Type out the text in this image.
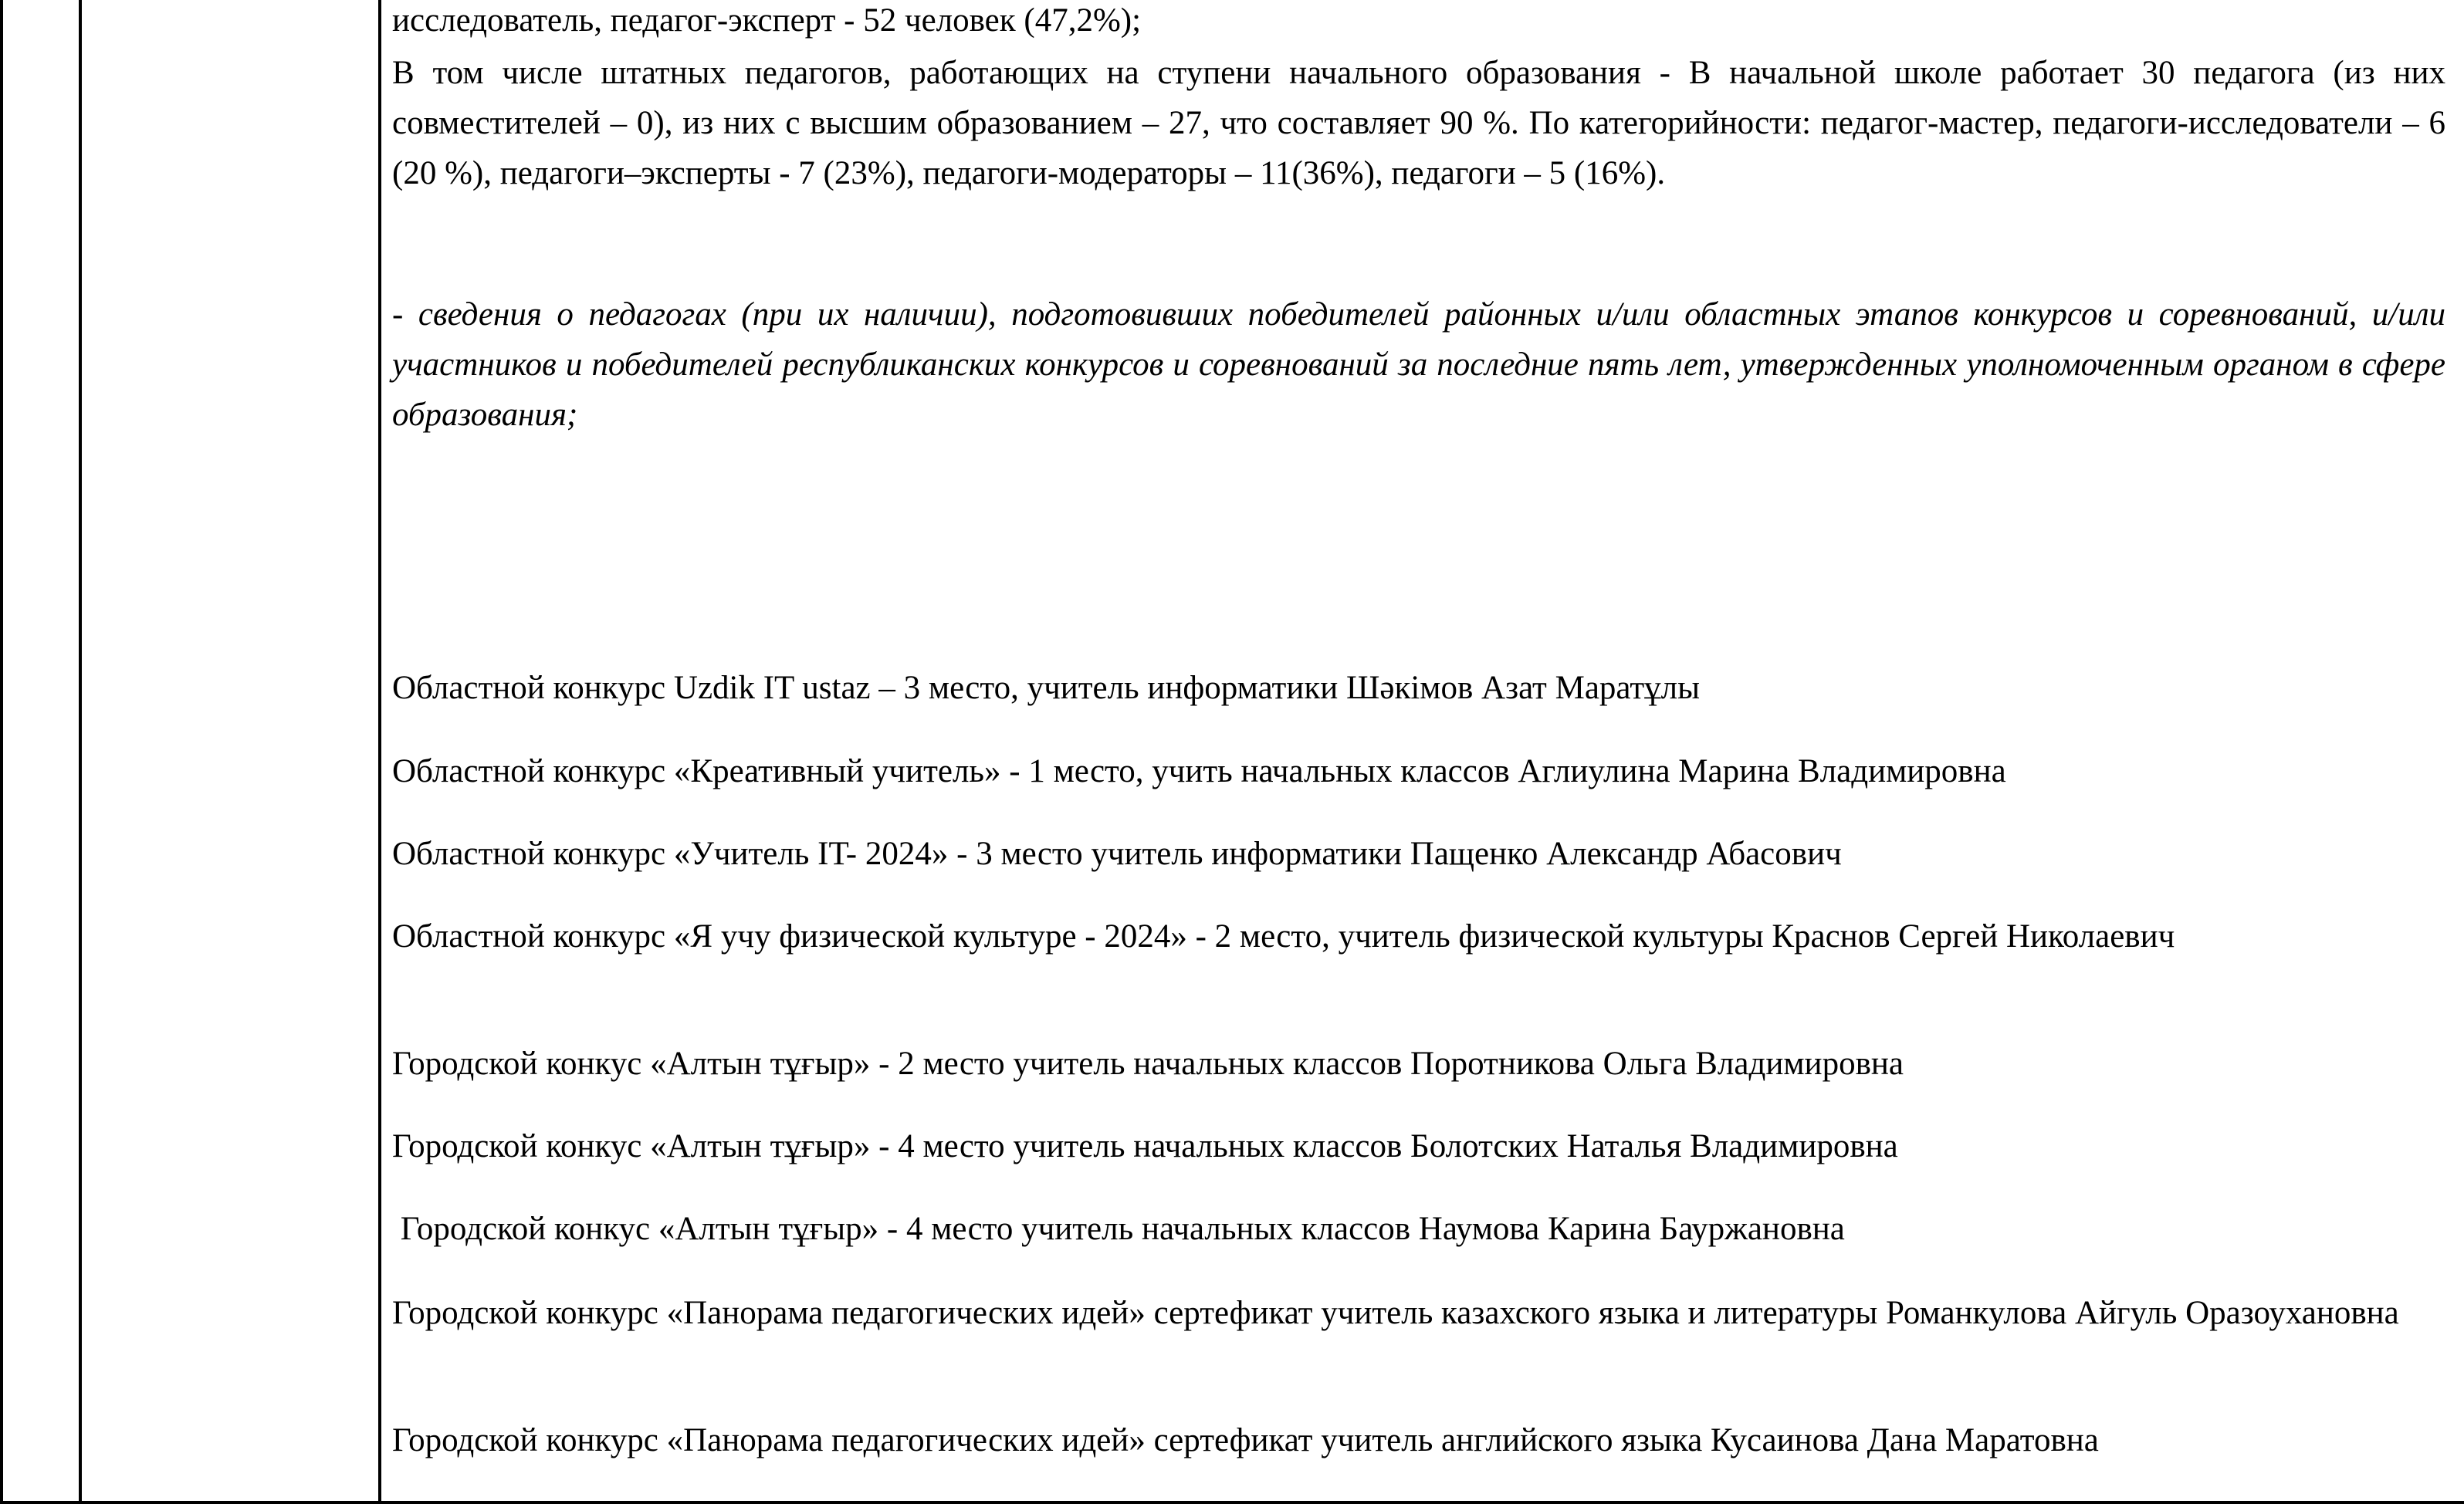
исследователь, педагог-эксперт - 52 человек (47,2%);
В том числе штатных педагогов, работающих на ступени начального образования - В начальной школе работает 30 педагога (из них совместителей – 0), из них с высшим образованием – 27, что составляет 90 %. По категорийности: педагог-мастер, педагоги-исследователи – 6 (20 %), педагоги–эксперты - 7 (23%), педагоги-модераторы – 11(36%), педагоги – 5 (16%).
- сведения о педагогах (при их наличии), подготовивших победителей районных и/или областных этапов конкурсов и соревнований, и/или участников и победителей республиканских конкурсов и соревнований за последние пять лет, утвержденных уполномоченным органом в сфере образования;
Областной конкурс Uzdik IT ustaz – 3 место, учитель информатики Шәкімов Азат Маратұлы
Областной конкурс «Креативный учитель» - 1 место, учить начальных классов Аглиулина Марина Владимировна
Областной конкурс «Учитель IT- 2024» - 3 место учитель информатики Пащенко Александр Абасович
Областной конкурс «Я учу физической культуре - 2024» - 2 место, учитель физической культуры Краснов Сергей Николаевич
Городской конкус «Алтын тұғыр» - 2 место учитель начальных классов Поротникова Ольга Владимировна
Городской конкус «Алтын тұғыр» - 4 место учитель начальных классов Болотских Наталья Владимировна
Городской конкус «Алтын тұғыр» - 4 место учитель начальных классов Наумова Карина Бауржановна
Городской конкурс «Панорама педагогических идей» сертефикат учитель казахского языка и литературы Романкулова Айгуль Оразоухановна
Городской конкурс «Панорама педагогических идей» сертефикат учитель английского языка Кусаинова Дана Маратовна
